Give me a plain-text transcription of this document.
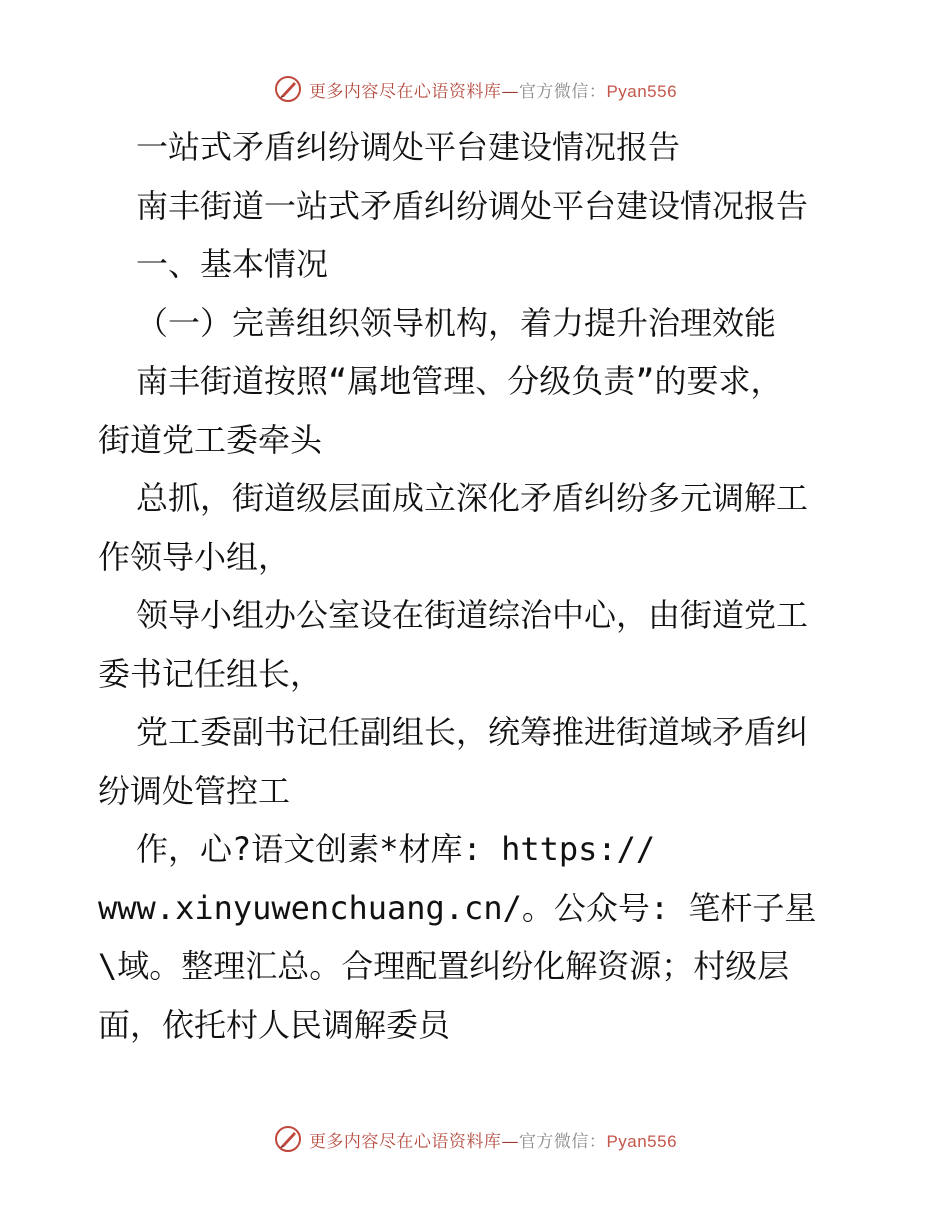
更多内容尽在心语资料库—官方微信：Pyan556

一站式矛盾纠纷调处平台建设情况报告

南丰街道一站式矛盾纠纷调处平台建设情况报告

一、基本情况

（一）完善组织领导机构，着力提升治理效能

南丰街道按照“属地管理、分级负责”的要求，

街道党工委牵头

总抓，街道级层面成立深化矛盾纠纷多元调解工

作领导小组，

领导小组办公室设在街道综治中心，由街道党工

委书记任组长，

党工委副书记任副组长，统筹推进街道域矛盾纠

纷调处管控工

作，心?语文创素*材库: https://

www.xinyuwenchuang.cn/。公众号: 笔杆子星

\域。整理汇总。合理配置纠纷化解资源；村级层

面，依托村人民调解委员

更多内容尽在心语资料库—官方微信：Pyan556
